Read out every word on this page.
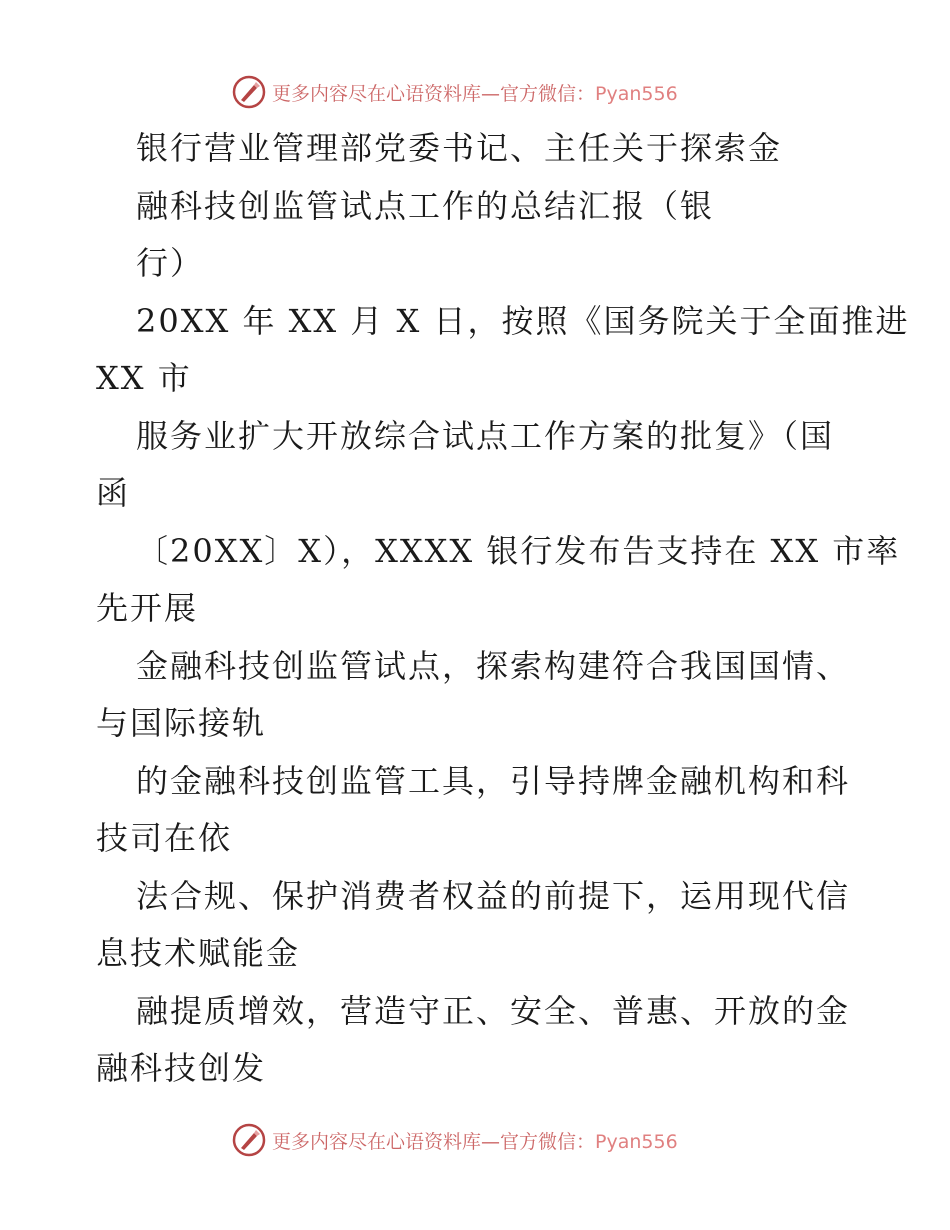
更多内容尽在心语资料库—官方微信：Pyan556
银行营业管理部党委书记、主任关于探索金
融科技创监管试点工作的总结汇报（银
行）
20XX 年 XX 月 X 日，按照《国务院关于全面推进
XX 市
服务业扩大开放综合试点工作方案的批复》（国
函
〔20XX〕X），XXXX 银行发布告支持在 XX 市率
先开展
金融科技创监管试点，探索构建符合我国国情、
与国际接轨
的金融科技创监管工具，引导持牌金融机构和科
技司在依
法合规、保护消费者权益的前提下，运用现代信
息技术赋能金
融提质增效，营造守正、安全、普惠、开放的金
融科技创发
更多内容尽在心语资料库—官方微信：Pyan556
